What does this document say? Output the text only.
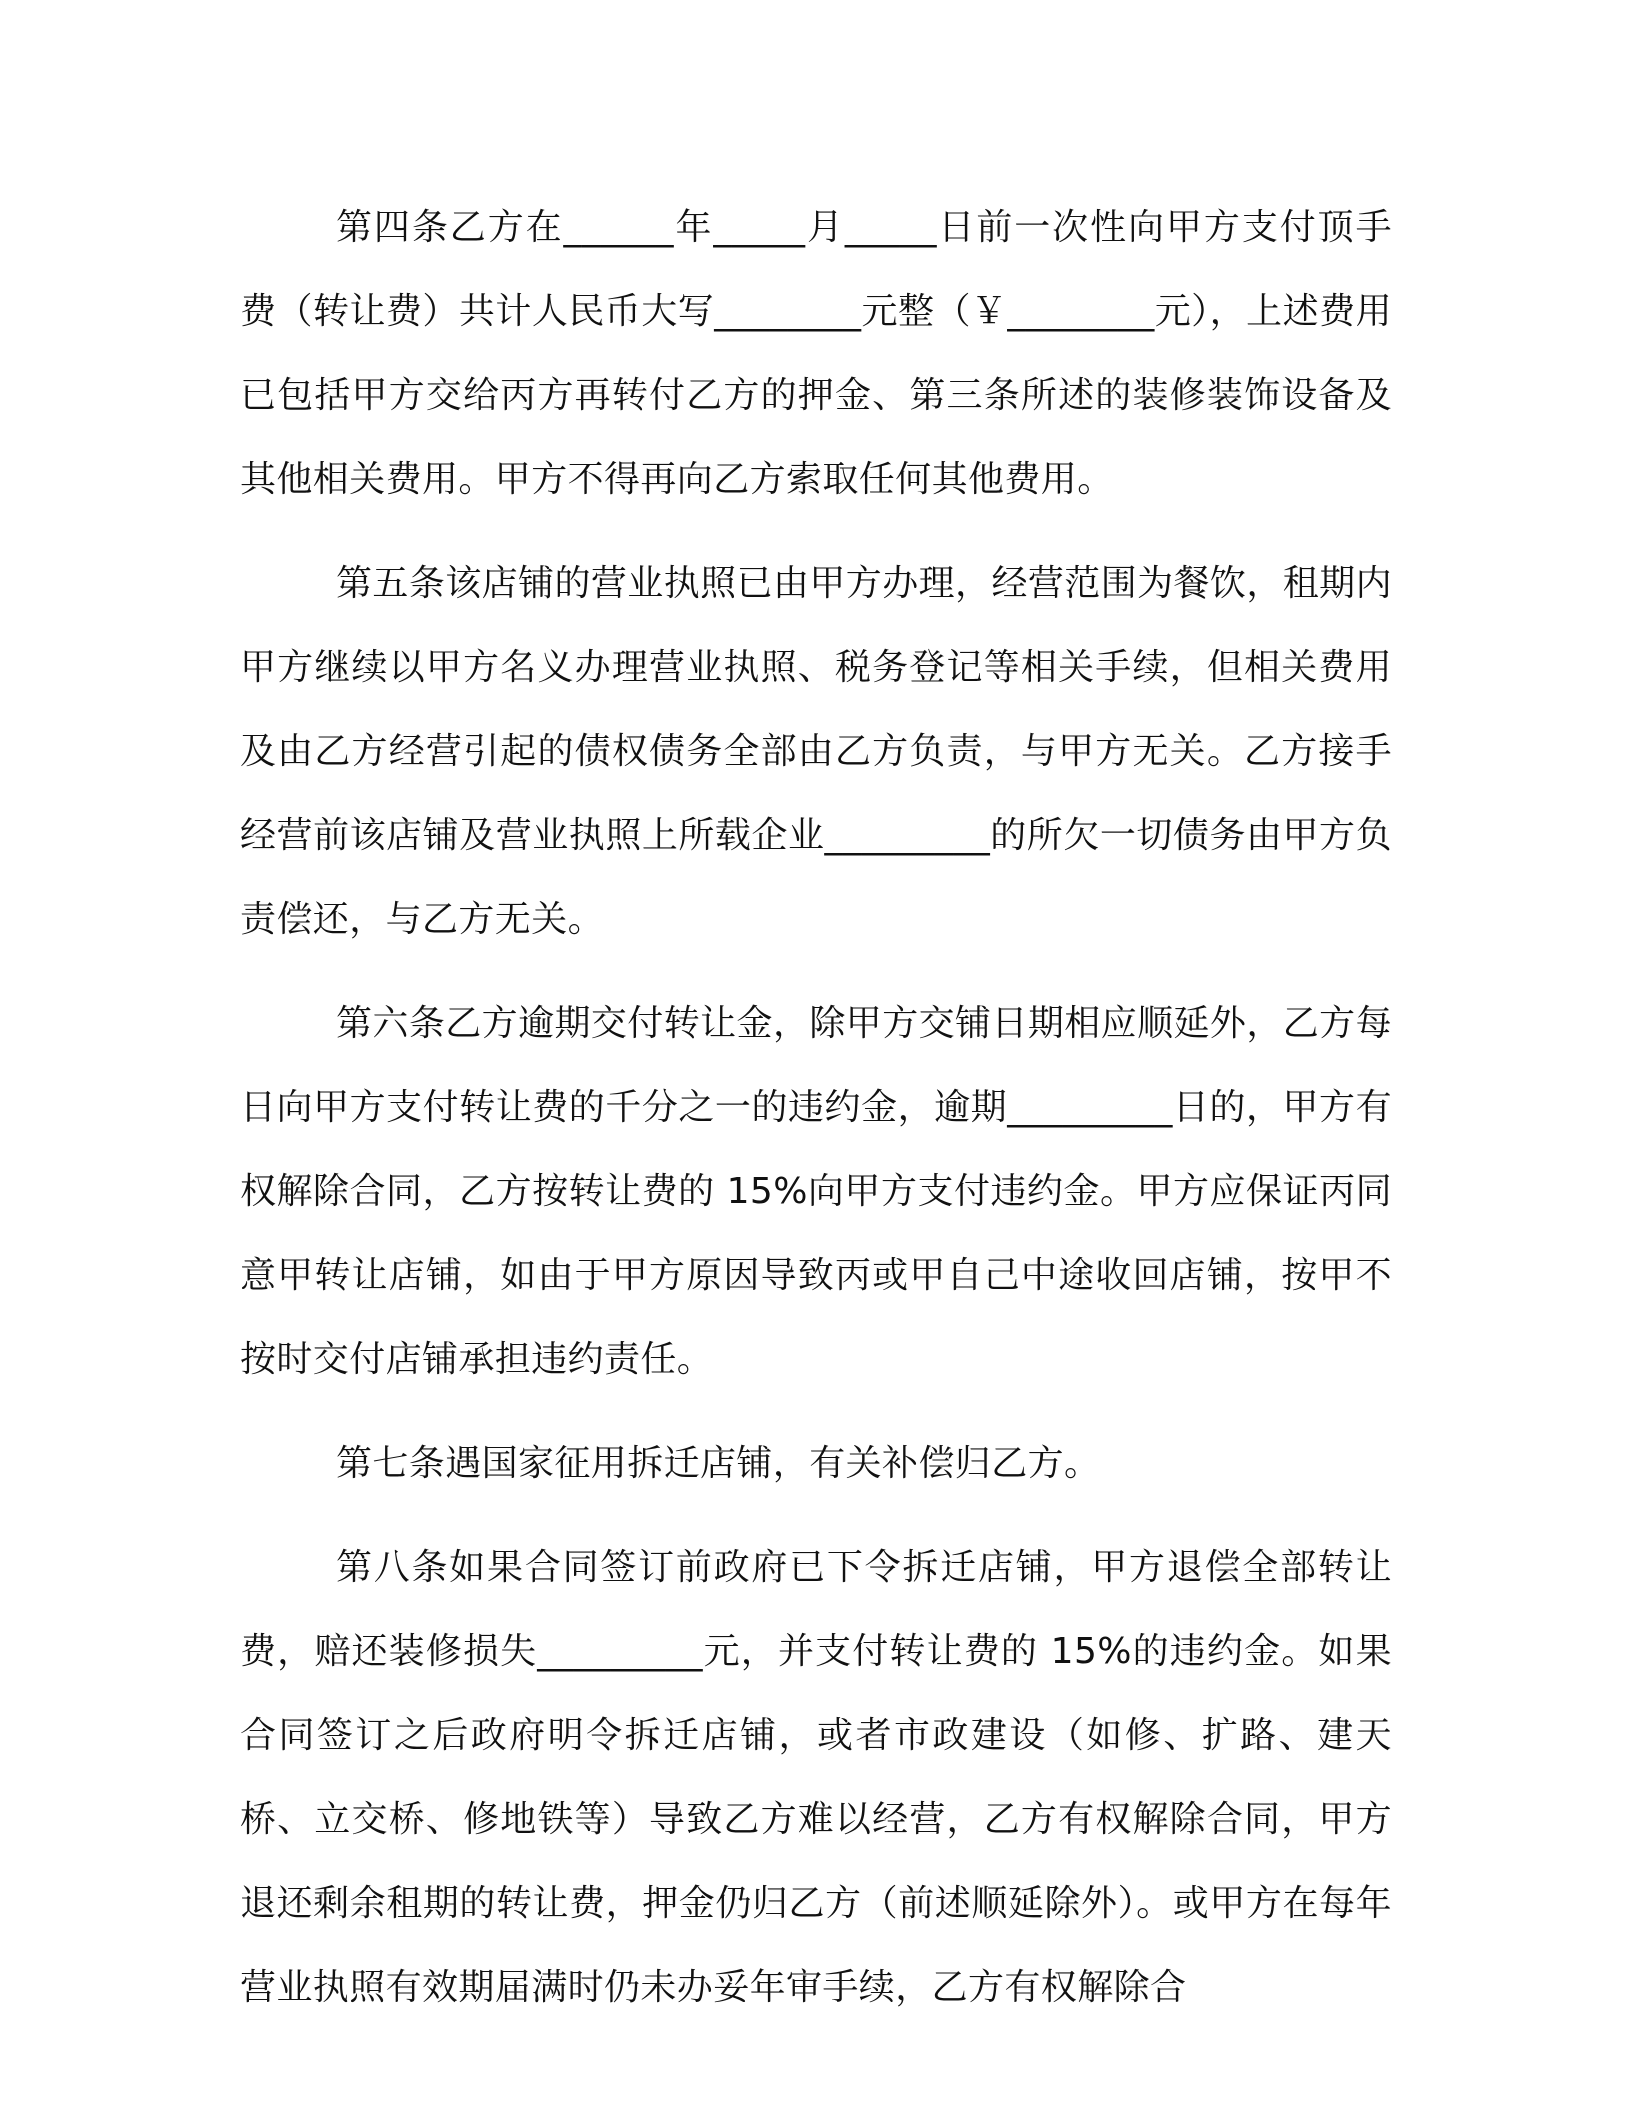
第四条乙方在______年_____月_____日前一次性向甲方支付顶手费（转让费）共计人民币大写________元整（￥________元），上述费用已包括甲方交给丙方再转付乙方的押金、第三条所述的装修装饰设备及其他相关费用。甲方不得再向乙方索取任何其他费用。

第五条该店铺的营业执照已由甲方办理，经营范围为餐饮，租期内甲方继续以甲方名义办理营业执照、税务登记等相关手续，但相关费用及由乙方经营引起的债权债务全部由乙方负责，与甲方无关。乙方接手经营前该店铺及营业执照上所载企业_________的所欠一切债务由甲方负责偿还，与乙方无关。

第六条乙方逾期交付转让金，除甲方交铺日期相应顺延外，乙方每日向甲方支付转让费的千分之一的违约金，逾期_________日的，甲方有权解除合同，乙方按转让费的 15%向甲方支付违约金。甲方应保证丙同意甲转让店铺，如由于甲方原因导致丙或甲自己中途收回店铺，按甲不按时交付店铺承担违约责任。

第七条遇国家征用拆迁店铺，有关补偿归乙方。

第八条如果合同签订前政府已下令拆迁店铺，甲方退偿全部转让费，赔还装修损失_________元，并支付转让费的 15%的违约金。如果合同签订之后政府明令拆迁店铺，或者市政建设（如修、扩路、建天桥、立交桥、修地铁等）导致乙方难以经营，乙方有权解除合同，甲方退还剩余租期的转让费，押金仍归乙方（前述顺延除外）。或甲方在每年营业执照有效期届满时仍未办妥年审手续，乙方有权解除合
